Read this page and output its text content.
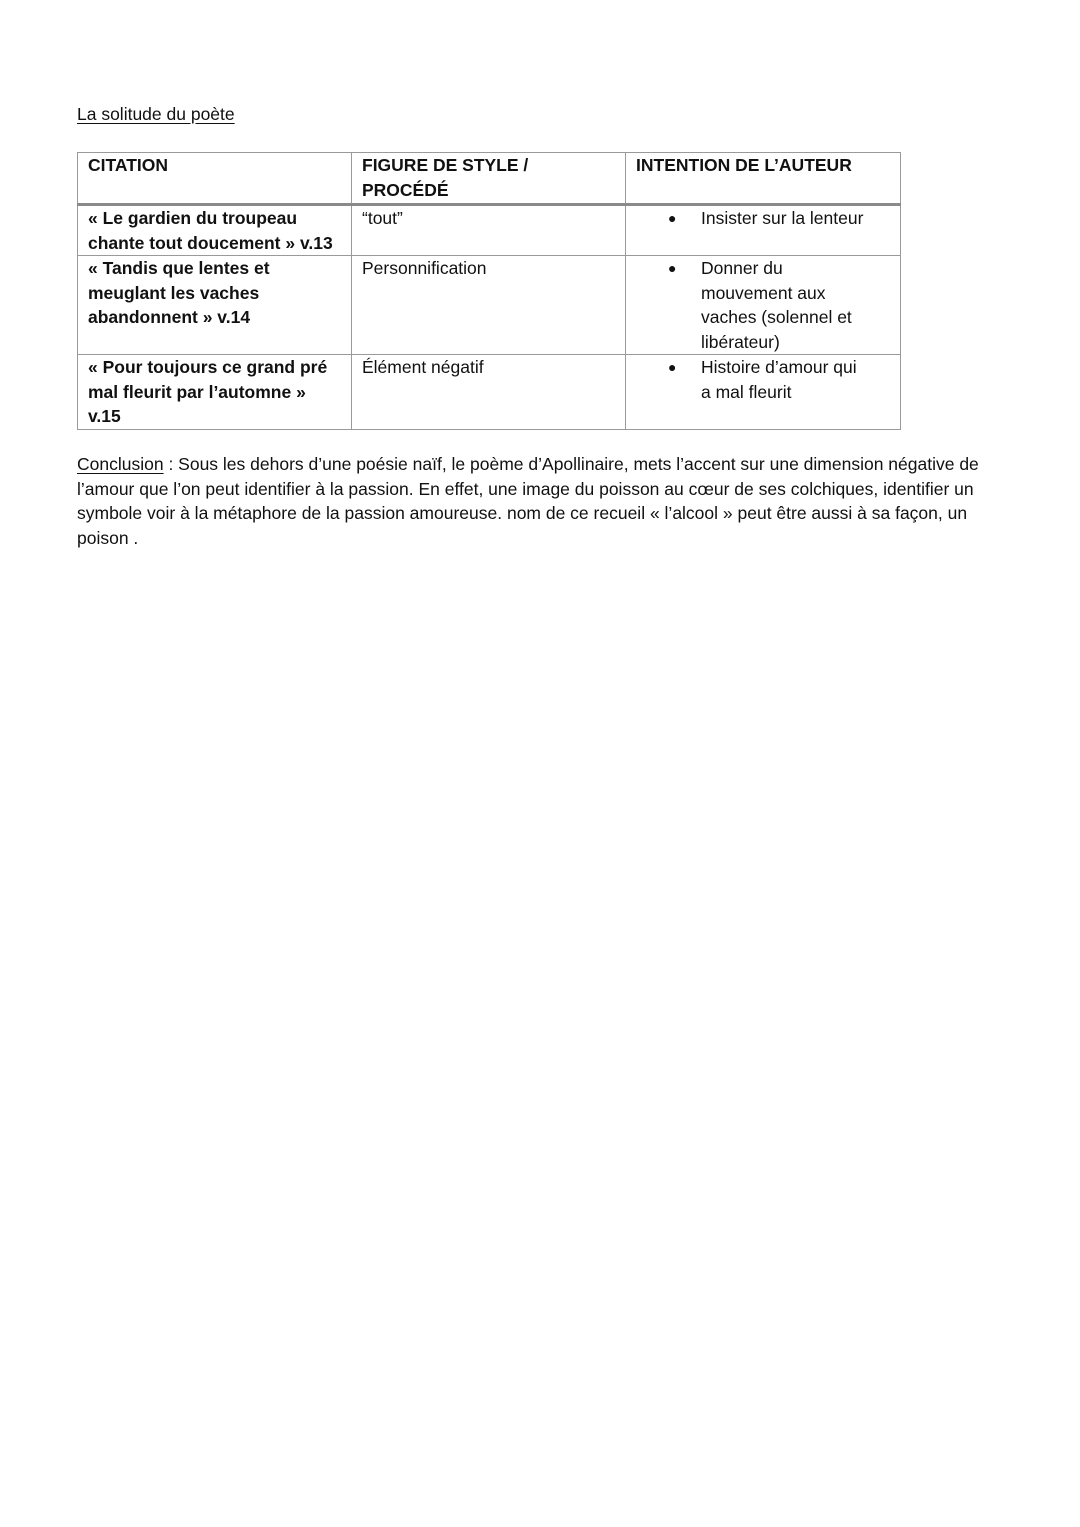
La solitude du poète
CITATION	FIGURE DE STYLE / PROCÉDÉ	INTENTION DE L’AUTEUR
« Le gardien du troupeau chante tout doucement » v.13	“tout”	● Insister sur la lenteur

« Tandis que lentes et meuglant les vaches abandonnent » v.14	Personnification	● Donner du mouvement aux vaches (solennel et libérateur)

« Pour toujours ce grand pré mal fleurit par l’automne » v.15	Élément négatif	● Histoire d’amour qui a mal fleurit

Conclusion : Sous les dehors d’une poésie naïf, le poème d’Apollinaire, mets l’accent sur une dimension négative de l’amour que l’on peut identifier à la passion. En effet, une image du poisson au cœur de ses colchiques, identifier un symbole voir à la métaphore de la passion amoureuse. nom de ce recueil « l’alcool » peut être aussi à sa façon, un poison .
